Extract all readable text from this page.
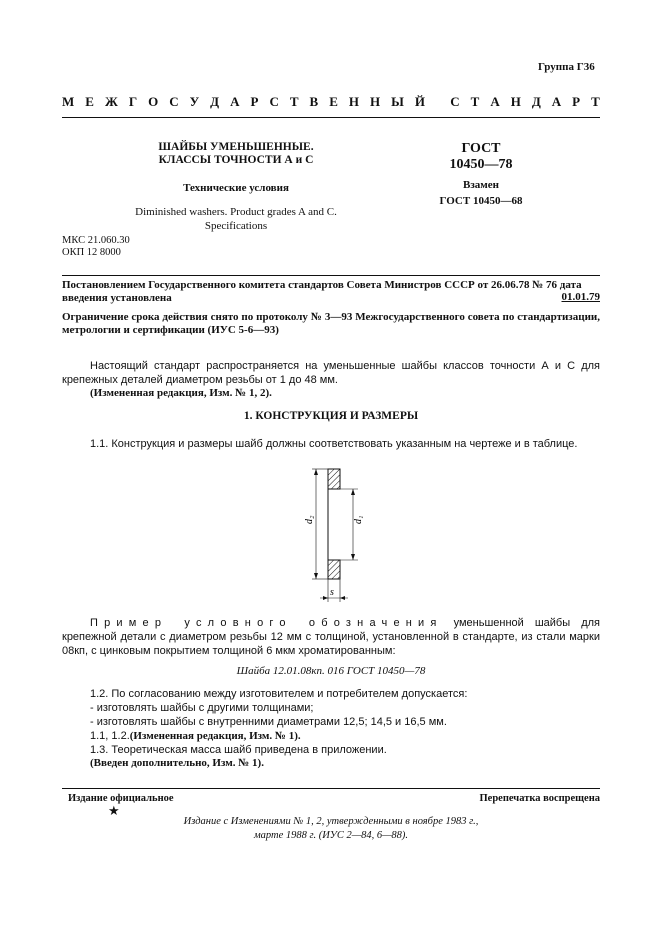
Группа Г36
М Е Ж Г О С У Д А Р С Т В Е Н Н Ы Й
С Т А Н Д А Р Т
ШАЙБЫ УМЕНЬШЕННЫЕ.
КЛАССЫ ТОЧНОСТИ А и С
Технические условия
Diminished washers. Product grades A and C.
Specifications
ГОСТ
10450—78
Взамен
ГОСТ 10450—68
МКС 21.060.30
ОКП 12 8000
Постановлением Государственного комитета стандартов Совета Министров СССР от 26.06.78 № 76 дата введения установлена	01.01.79
Ограничение срока действия снято по протоколу № 3—93 Межгосударственного совета по стандартизации, метрологии и сертификации (ИУС 5-6—93)
Настоящий стандарт распространяется на уменьшенные шайбы классов точности А и С для крепежных деталей диаметром резьбы от 1 до 48 мм.
(Измененная редакция, Изм. № 1, 2).
1. КОНСТРУКЦИЯ И РАЗМЕРЫ
1.1. Конструкция и размеры шайб должны соответствовать указанным на чертеже и в таблице.
d₂	d₁
s
Пример условного обозначения уменьшенной шайбы для крепежной детали с диаметром резьбы 12 мм с толщиной, установленной в стандарте, из стали марки 08кп, с цинковым покрытием толщиной 6 мкм хроматированным:
Шайба 12.01.08кп. 016 ГОСТ 10450—78
1.2. По согласованию между изготовителем и потребителем допускается:
- изготовлять шайбы с другими толщинами;
- изготовлять шайбы с внутренними диаметрами 12,5; 14,5 и 16,5 мм.
1.1, 1.2.(Измененная редакция, Изм. № 1).
1.3. Теоретическая масса шайб приведена в приложении.
(Введен дополнительно, Изм. № 1).
Издание официальное	Перепечатка воспрещена
★
Издание с Изменениями № 1, 2, утвержденными в ноябре 1983 г.,
марте 1988 г. (ИУС 2—84, 6—88).
